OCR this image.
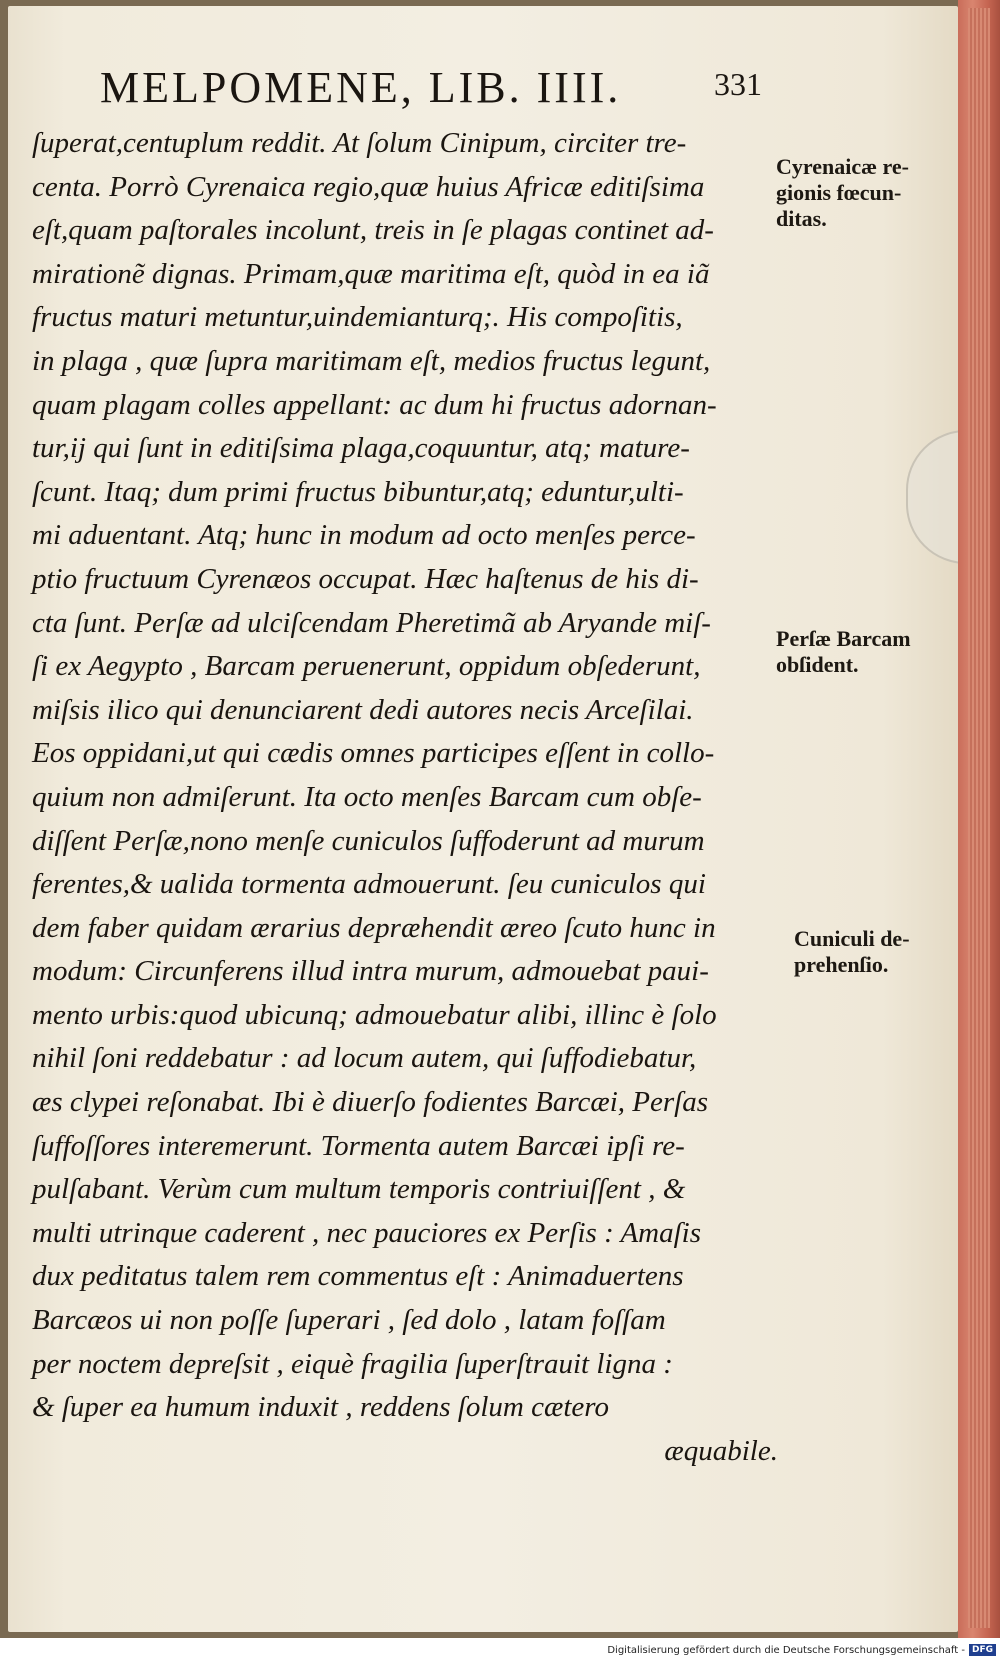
MELPOMENE, LIB. IIII.	331
ſuperat,centuplum reddit. At ſolum Cinipum, circiter tre-
centa. Porrò Cyrenaica regio,quæ huius Africæ editiſsima
eſt,quam paſtorales incolunt, treis in ſe plagas continet ad-
mirationẽ dignas. Primam,quæ maritima eſt, quòd in ea iã
fructus maturi metuntur,uindemianturq;. His compoſitis,
in plaga , quæ ſupra maritimam eſt, medios fructus legunt,
quam plagam colles appellant: ac dum hi fructus adornan-
tur,ij qui ſunt in editiſsima plaga,coquuntur, atq; mature-
ſcunt. Itaq; dum primi fructus bibuntur,atq; eduntur,ulti-
mi aduentant. Atq; hunc in modum ad octo menſes perce-
ptio fructuum Cyrenæos occupat. Hæc haſtenus de his di-
cta ſunt. Perſæ ad ulciſcendam Pheretimã ab Aryande miſ-
ſi ex Aegypto , Barcam peruenerunt, oppidum obſederunt,
miſsis ilico qui denunciarent dedi autores necis Arceſilai.
Eos oppidani,ut qui cædis omnes participes eſſent in collo-
quium non admiſerunt. Ita octo menſes Barcam cum obſe-
diſſent Perſæ,nono menſe cuniculos ſuffoderunt ad murum
ferentes,& ualida tormenta admouerunt. ſeu cuniculos qui
dem faber quidam ærarius depræhendit æreo ſcuto hunc in
modum: Circunferens illud intra murum, admouebat paui-
mento urbis:quod ubicunq; admouebatur alibi, illinc è ſolo
nihil ſoni reddebatur : ad locum autem, qui ſuffodiebatur,
æs clypei reſonabat. Ibi è diuerſo fodientes Barcæi, Perſas
ſuffoſſores interemerunt. Tormenta autem Barcæi ipſi re-
pulſabant. Verùm cum multum temporis contriuiſſent , &
multi utrinque caderent , nec pauciores ex Perſis : Amaſis
dux peditatus talem rem commentus eſt : Animaduertens
Barcæos ui non poſſe ſuperari , ſed dolo , latam foſſam
per noctem depreſsit , eiquè fragilia ſuperſtrauit ligna :
& ſuper ea humum induxit , reddens ſolum cætero
æquabile.
Cyrenaicæ re-
gionis fœcun-
ditas.
Perſæ Barcam
obſident.
Cuniculi de-
prehenſio.
Digitalisierung gefördert durch die Deutsche Forschungsgemeinschaft - DFG
